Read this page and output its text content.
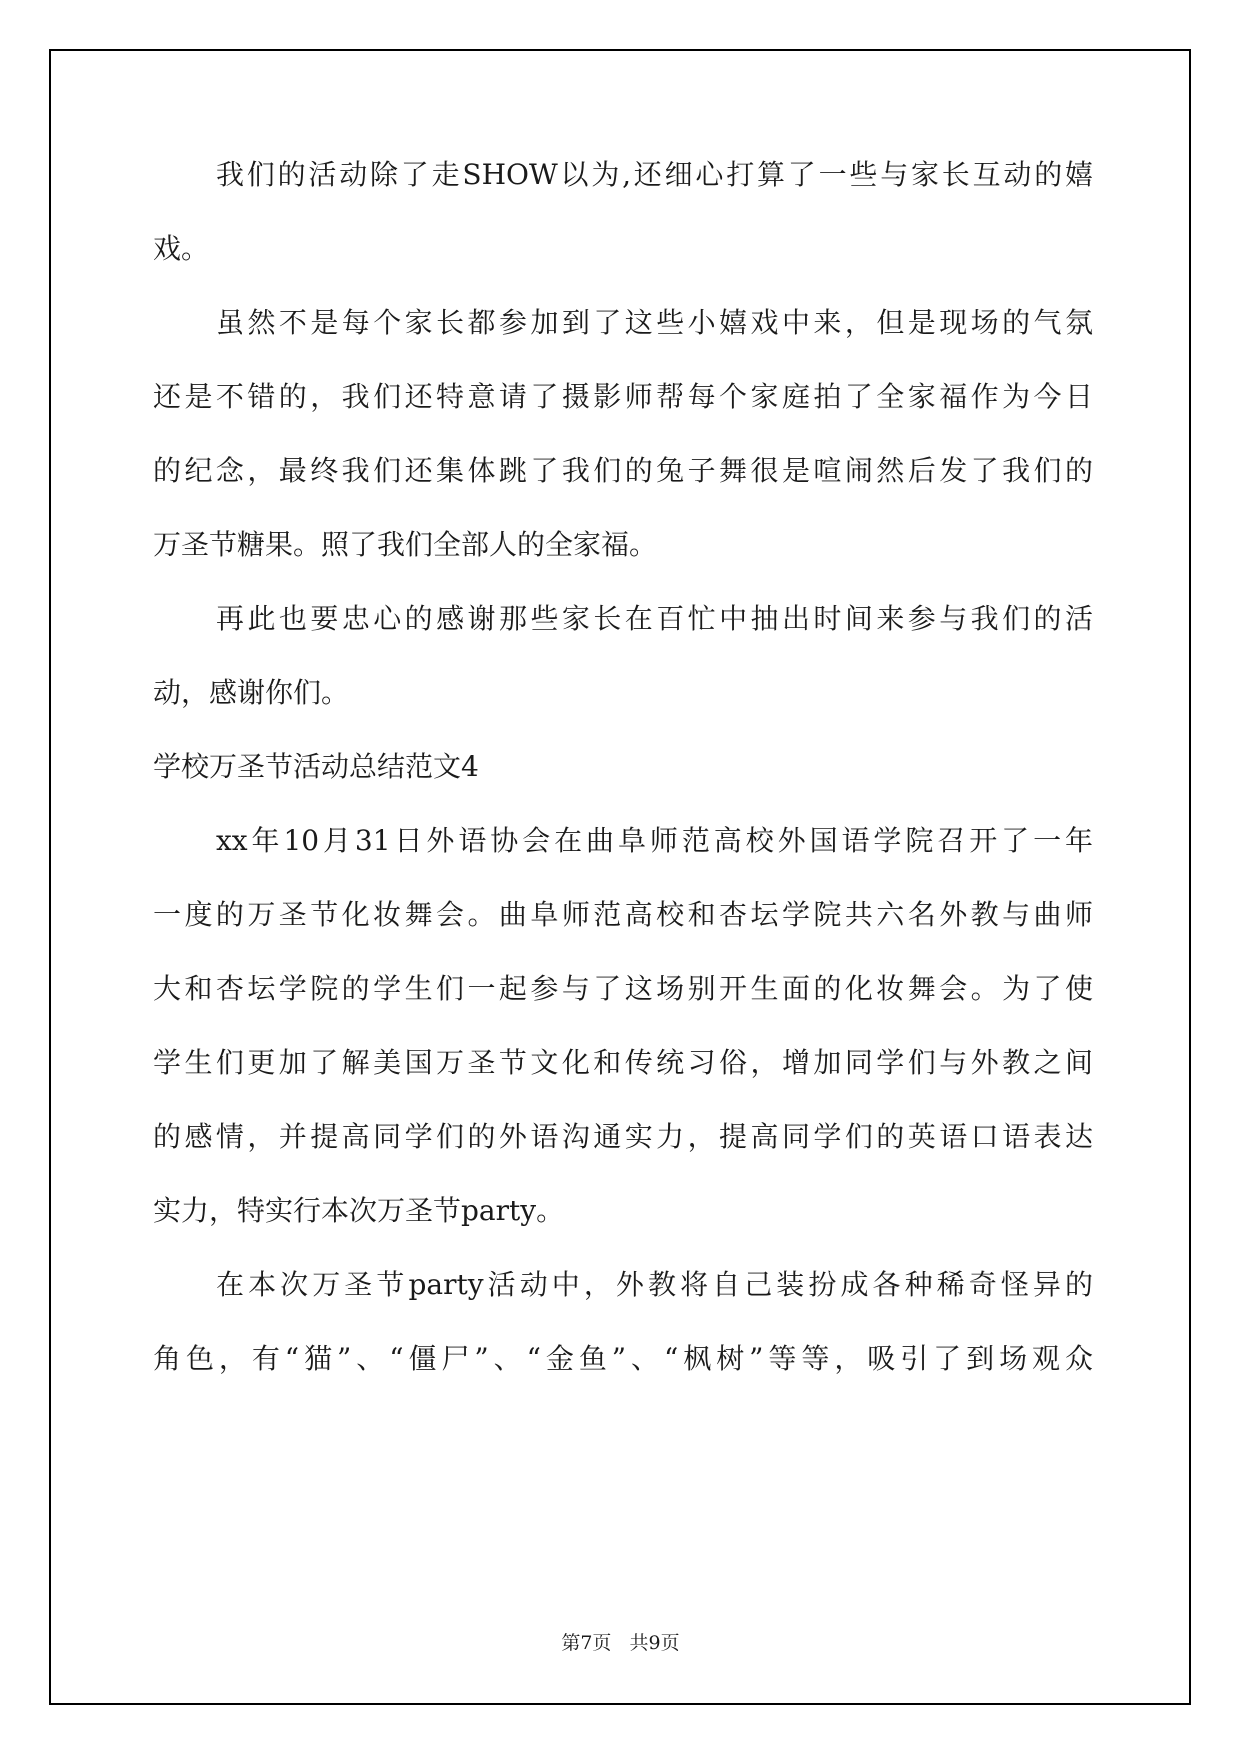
我们的活动除了走SHOW以为,还细心打算了一些与家长互动的嬉
戏。
虽然不是每个家长都参加到了这些小嬉戏中来，但是现场的气氛
还是不错的，我们还特意请了摄影师帮每个家庭拍了全家福作为今日
的纪念，最终我们还集体跳了我们的兔子舞很是喧闹然后发了我们的
万圣节糖果。照了我们全部人的全家福。
再此也要忠心的感谢那些家长在百忙中抽出时间来参与我们的活
动，感谢你们。
学校万圣节活动总结范文4
xx年10月31日外语协会在曲阜师范高校外国语学院召开了一年
一度的万圣节化妆舞会。曲阜师范高校和杏坛学院共六名外教与曲师
大和杏坛学院的学生们一起参与了这场别开生面的化妆舞会。为了使
学生们更加了解美国万圣节文化和传统习俗，增加同学们与外教之间
的感情，并提高同学们的外语沟通实力，提高同学们的英语口语表达
实力，特实行本次万圣节party。
在本次万圣节party活动中，外教将自己装扮成各种稀奇怪异的
角色，有“猫”、“僵尸”、“金鱼”、“枫树”等等，吸引了到场观众
第7页   共9页
